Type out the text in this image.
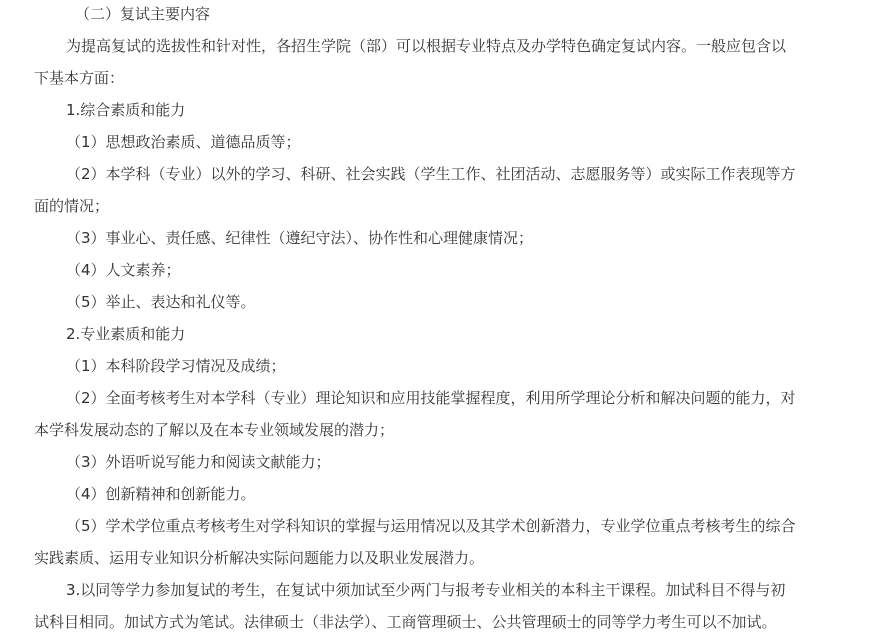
（二）复试主要内容
为提高复试的选拔性和针对性，各招生学院（部）可以根据专业特点及办学特色确定复试内容。一般应包含以
下基本方面：
1.综合素质和能力
（1）思想政治素质、道德品质等；
（2）本学科（专业）以外的学习、科研、社会实践（学生工作、社团活动、志愿服务等）或实际工作表现等方
面的情况；
（3）事业心、责任感、纪律性（遵纪守法）、协作性和心理健康情况；
（4）人文素养；
（5）举止、表达和礼仪等。
2.专业素质和能力
（1）本科阶段学习情况及成绩；
（2）全面考核考生对本学科（专业）理论知识和应用技能掌握程度，利用所学理论分析和解决问题的能力，对
本学科发展动态的了解以及在本专业领域发展的潜力；
（3）外语听说写能力和阅读文献能力；
（4）创新精神和创新能力。
（5）学术学位重点考核考生对学科知识的掌握与运用情况以及其学术创新潜力，专业学位重点考核考生的综合
实践素质、运用专业知识分析解决实际问题能力以及职业发展潜力。
3.以同等学力参加复试的考生，在复试中须加试至少两门与报考专业相关的本科主干课程。加试科目不得与初
试科目相同。加试方式为笔试。法律硕士（非法学）、工商管理硕士、公共管理硕士的同等学力考生可以不加试。
